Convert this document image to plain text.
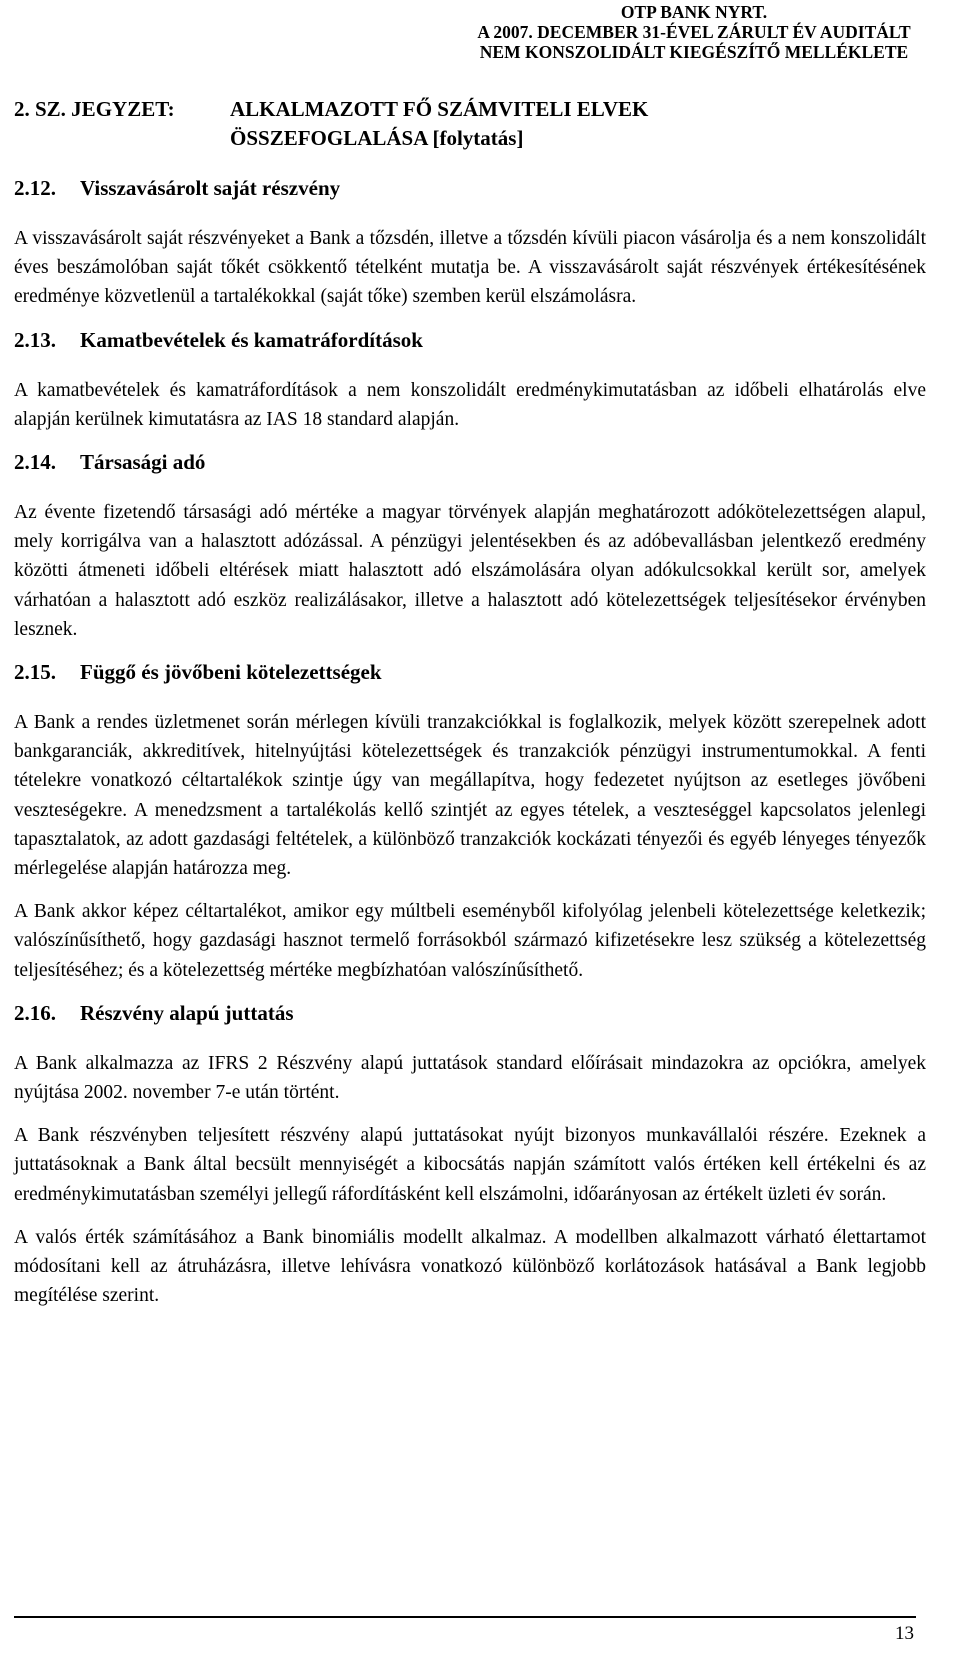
OTP BANK NYRT.
A 2007. DECEMBER 31-ÉVEL ZÁRULT ÉV AUDITÁLT
NEM KONSZOLIDÁLT KIEGÉSZÍTŐ MELLÉKLETE
2. SZ. JEGYZET:	ALKALMAZOTT FŐ SZÁMVITELI ELVEK
ÖSSZEFOGLALÁSA [folytatás]
2.12. Visszavásárolt saját részvény

A visszavásárolt saját részvényeket a Bank a tőzsdén, illetve a tőzsdén kívüli piacon vásárolja és a nem konszolidált éves beszámolóban saját tőkét csökkentő tételként mutatja be. A visszavásárolt saját részvények értékesítésének eredménye közvetlenül a tartalékokkal (saját tőke) szemben kerül elszámolásra.

2.13. Kamatbevételek és kamatráfordítások

A kamatbevételek és kamatráfordítások a nem konszolidált eredménykimutatásban az időbeli elhatárolás elve alapján kerülnek kimutatásra az IAS 18 standard alapján.

2.14. Társasági adó

Az évente fizetendő társasági adó mértéke a magyar törvények alapján meghatározott adókötelezettségen alapul, mely korrigálva van a halasztott adózással. A pénzügyi jelentésekben és az adóbevallásban jelentkező eredmény közötti átmeneti időbeli eltérések miatt halasztott adó elszámolására olyan adókulcsokkal került sor, amelyek várhatóan a halasztott adó eszköz realizálásakor, illetve a halasztott adó kötelezettségek teljesítésekor érvényben lesznek.

2.15. Függő és jövőbeni kötelezettségek

A Bank a rendes üzletmenet során mérlegen kívüli tranzakciókkal is foglalkozik, melyek között szerepelnek adott bankgaranciák, akkreditívek, hitelnyújtási kötelezettségek és tranzakciók pénzügyi instrumentumokkal. A fenti tételekre vonatkozó céltartalékok szintje úgy van megállapítva, hogy fedezetet nyújtson az esetleges jövőbeni veszteségekre. A menedzsment a tartalékolás kellő szintjét az egyes tételek, a veszteséggel kapcsolatos jelenlegi tapasztalatok, az adott gazdasági feltételek, a különböző tranzakciók kockázati tényezői és egyéb lényeges tényezők mérlegelése alapján határozza meg.

A Bank akkor képez céltartalékot, amikor egy múltbeli eseményből kifolyólag jelenbeli kötelezettsége keletkezik; valószínűsíthető, hogy gazdasági hasznot termelő forrásokból származó kifizetésekre lesz szükség a kötelezettség teljesítéséhez; és a kötelezettség mértéke megbízhatóan valószínűsíthető.

2.16. Részvény alapú juttatás

A Bank alkalmazza az IFRS 2 Részvény alapú juttatások standard előírásait mindazokra az opciókra, amelyek nyújtása 2002. november 7-e után történt.

A Bank részvényben teljesített részvény alapú juttatásokat nyújt bizonyos munkavállalói részére. Ezeknek a juttatásoknak a Bank által becsült mennyiségét a kibocsátás napján számított valós értéken kell értékelni és az eredménykimutatásban személyi jellegű ráfordításként kell elszámolni, időarányosan az értékelt üzleti év során.

A valós érték számításához a Bank binomiális modellt alkalmaz. A modellben alkalmazott várható élettartamot módosítani kell az átruházásra, illetve lehívásra vonatkozó különböző korlátozások hatásával a Bank legjobb megítélése szerint.

13
